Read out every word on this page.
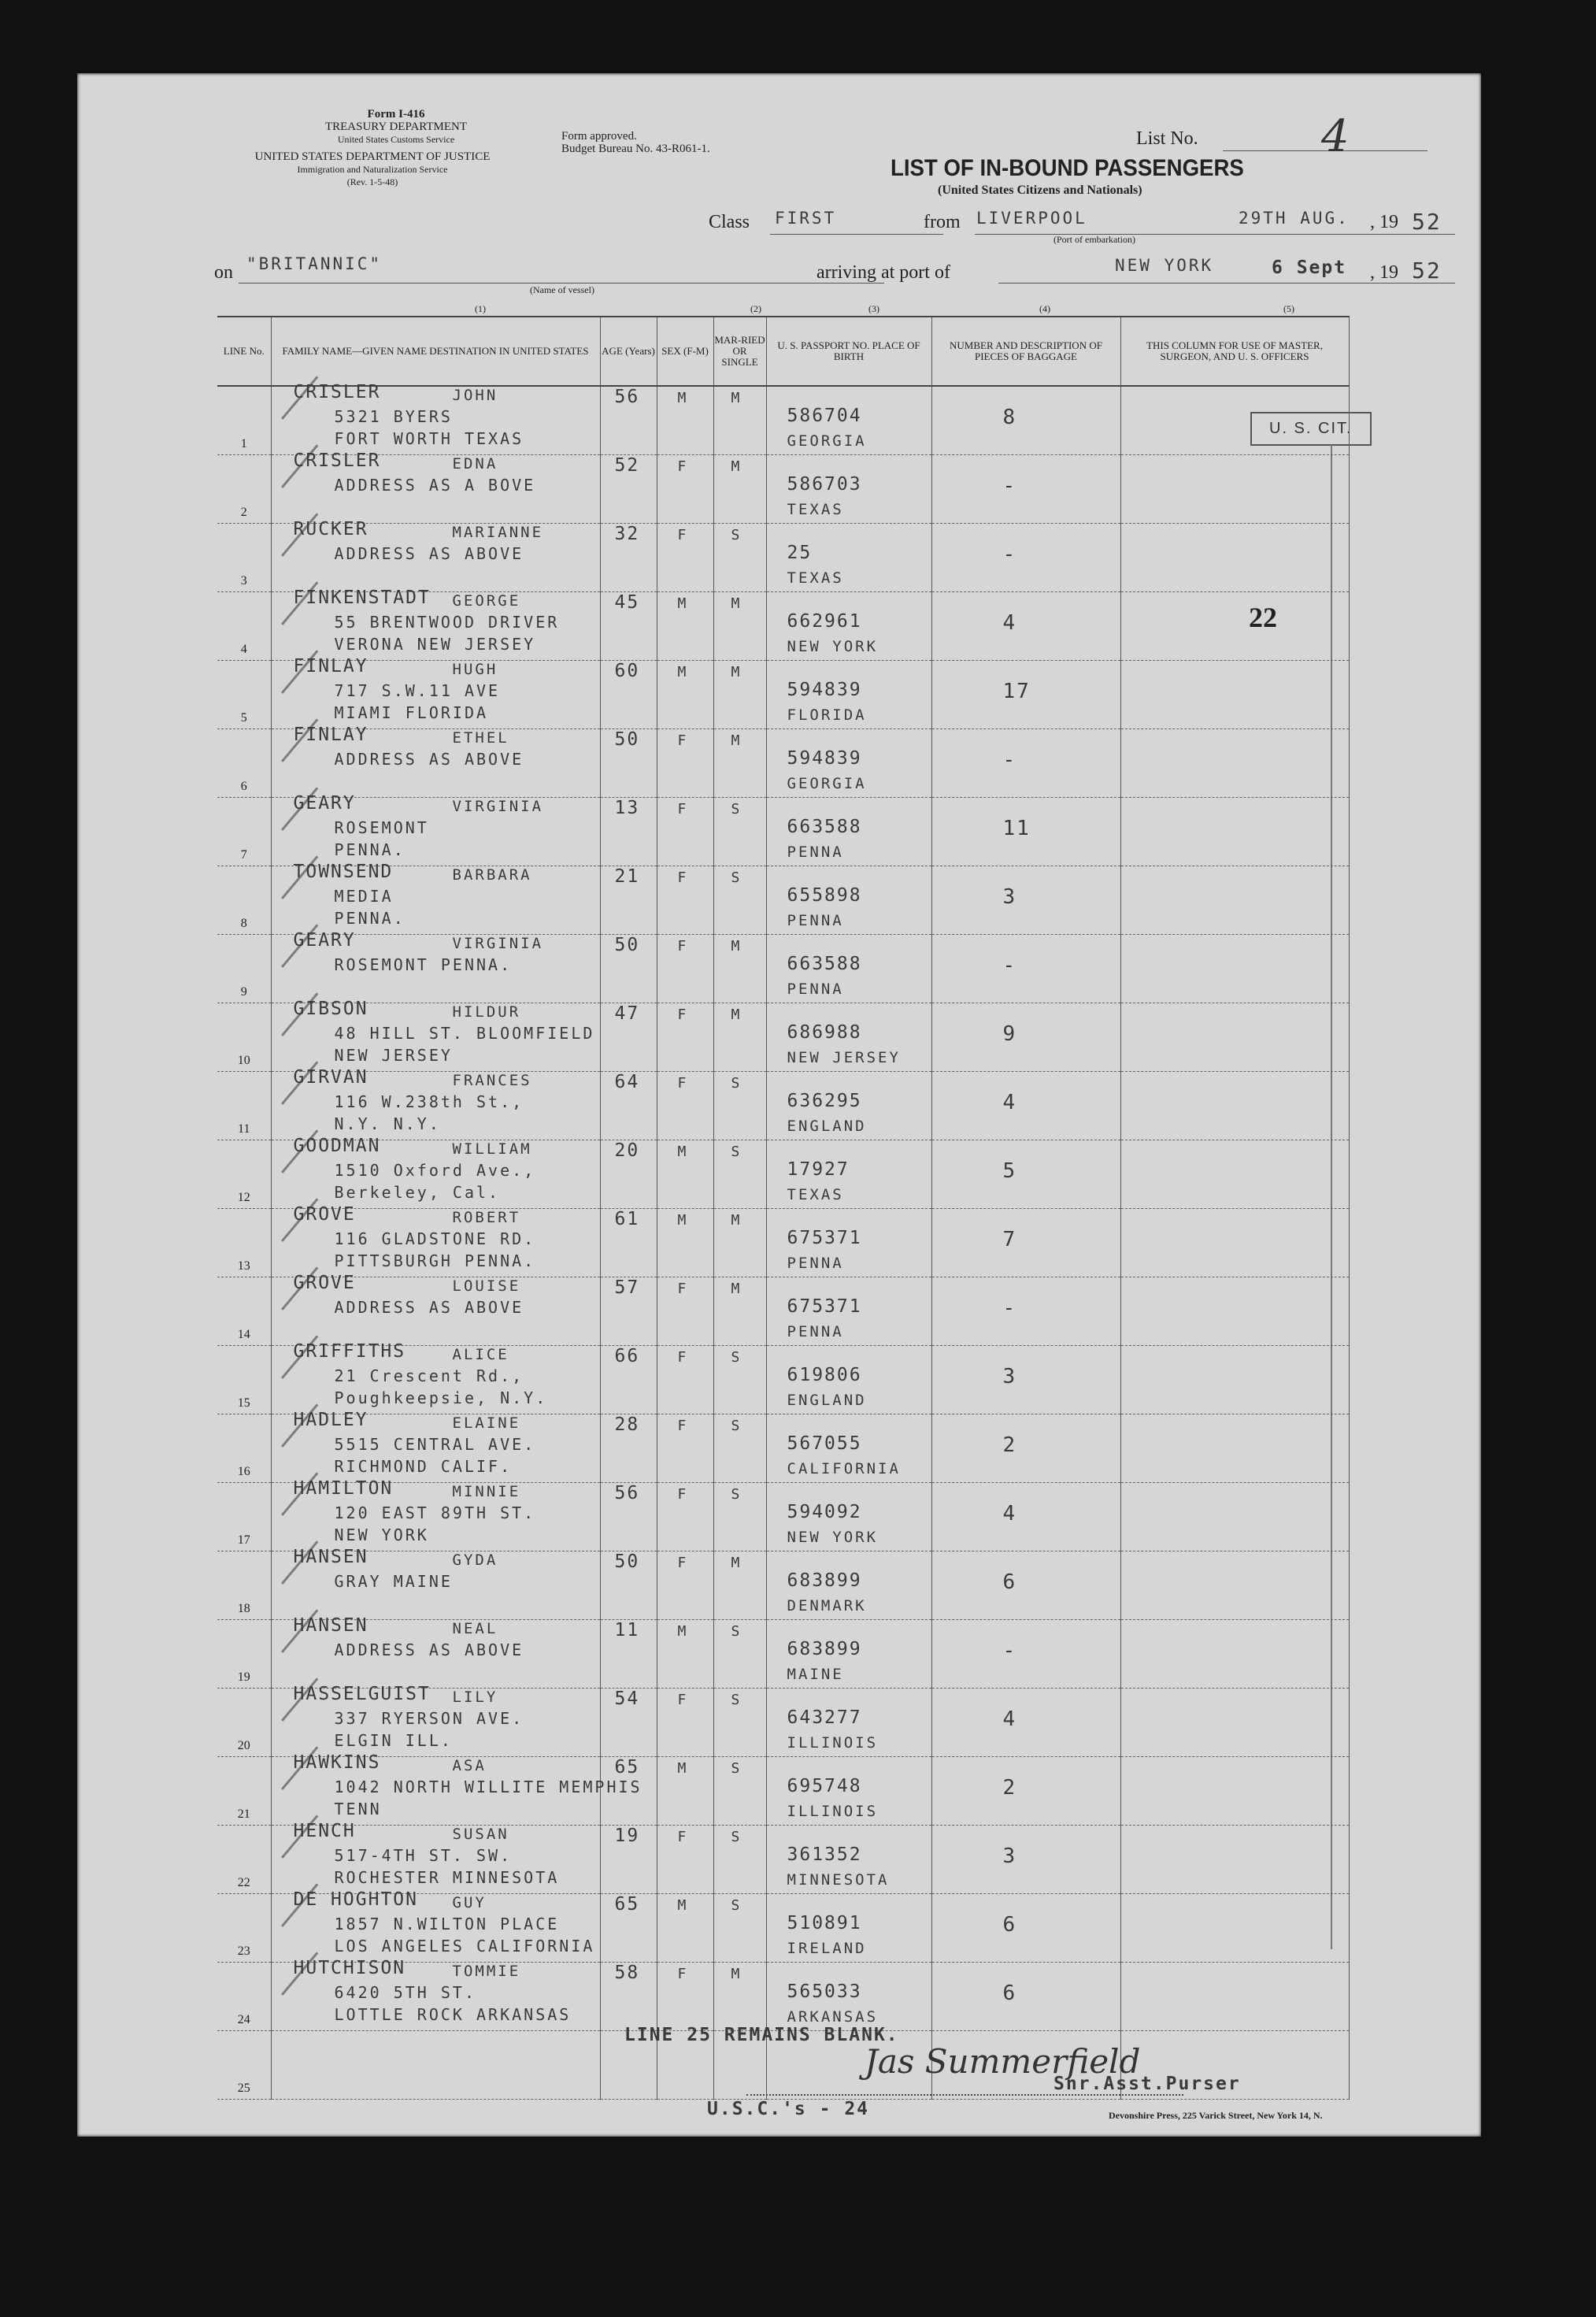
Form I-416
TREASURY DEPARTMENT
United States Customs Service
UNITED STATES DEPARTMENT OF JUSTICE
Immigration and Naturalization Service
(Rev. 1-5-48)
Form approved.
Budget Bureau No. 43-R061-1.	List No.	4
LIST OF IN-BOUND PASSENGERS
(United States Citizens and Nationals)
Class FIRST	from LIVERPOOL
(Port of embarkation)
29TH AUG. , 19 52
on "BRITANNIC"
(Name of vessel)
arriving at port of	NEW YORK	6 Sept , 19 52
(1)	(2)	(3)	(4)	(5)
U. S. CIT.
22
LINE No.	FAMILY NAME—GIVEN NAME DESTINATION IN UNITED STATES	AGE (Years)	SEX (F-M)	MAR-RIED OR SINGLE	U. S. PASSPORT NO. PLACE OF BIRTH	NUMBER AND DESCRIPTION OF PIECES OF BAGGAGE	THIS COLUMN FOR USE OF MASTER, SURGEON, AND U. S. OFFICERS

1	CRISLER JOHN
5321 BYERS
FORT WORTH TEXAS	56	M	M	586704
GEORGIA	8	

2	CRISLER EDNA
ADDRESS AS A BOVE	52	F	M	586703
TEXAS	-	

3	RUCKER MARIANNE
ADDRESS AS ABOVE	32	F	S	25
TEXAS	-	

4	FINKENSTADT GEORGE
55 BRENTWOOD DRIVER
VERONA NEW JERSEY	45	M	M	662961
NEW YORK	4	

5	FINLAY HUGH
717 S.W.11 AVE
MIAMI FLORIDA	60	M	M	594839
FLORIDA	17	

6	FINLAY ETHEL
ADDRESS AS ABOVE	50	F	M	594839
GEORGIA	-	

7	GEARY VIRGINIA
ROSEMONT
PENNA.	13	F	S	663588
PENNA	11	

8	TOWNSEND BARBARA
MEDIA
PENNA.	21	F	S	655898
PENNA	3	

9	GEARY VIRGINIA
ROSEMONT PENNA.	50	F	M	663588
PENNA	-	

10	GIBSON HILDUR
48 HILL ST. BLOOMFIELD
NEW JERSEY	47	F	M	686988
NEW JERSEY	9	

11	GIRVAN FRANCES
116 W.238th St.,
N.Y. N.Y.	64	F	S	636295
ENGLAND	4	

12	GOODMAN WILLIAM
1510 Oxford Ave.,
Berkeley, Cal.	20	M	S	17927
TEXAS	5	

13	GROVE ROBERT
116 GLADSTONE RD.
PITTSBURGH PENNA.	61	M	M	675371
PENNA	7	

14	GROVE LOUISE
ADDRESS AS ABOVE	57	F	M	675371
PENNA	-	

15	GRIFFITHS ALICE
21 Crescent Rd.,
Poughkeepsie, N.Y.	66	F	S	619806
ENGLAND	3	

16	HADLEY ELAINE
5515 CENTRAL AVE.
RICHMOND CALIF.	28	F	S	567055
CALIFORNIA	2	

17	HAMILTON MINNIE
120 EAST 89TH ST.
NEW YORK	56	F	S	594092
NEW YORK	4	

18	HANSEN GYDA
GRAY MAINE	50	F	M	683899
DENMARK	6	

19	HANSEN NEAL
ADDRESS AS ABOVE	11	M	S	683899
MAINE	-	

20	HASSELGUIST LILY
337 RYERSON AVE.
ELGIN ILL.	54	F	S	643277
ILLINOIS	4	

21	HAWKINS ASA
1042 NORTH WILLITE MEMPHIS
TENN	65	M	S	695748
ILLINOIS	2	

22	HENCH SUSAN
517-4TH ST. SW.
ROCHESTER MINNESOTA	19	F	S	361352
MINNESOTA	3	

23	DE HOGHTON GUY
1857 N.WILTON PLACE
LOS ANGELES CALIFORNIA	65	M	S	510891
IRELAND	6	

24	HUTCHISON TOMMIE
6420 5TH ST.
LOTTLE ROCK ARKANSAS	58	F	M	565033
ARKANSAS	6	

25							

LINE 25 REMAINS BLANK.
Jas Summerfield
Snr.Asst.Purser
U.S.C.'s - 24	Devonshire Press, 225 Varick Street, New York 14, N.
